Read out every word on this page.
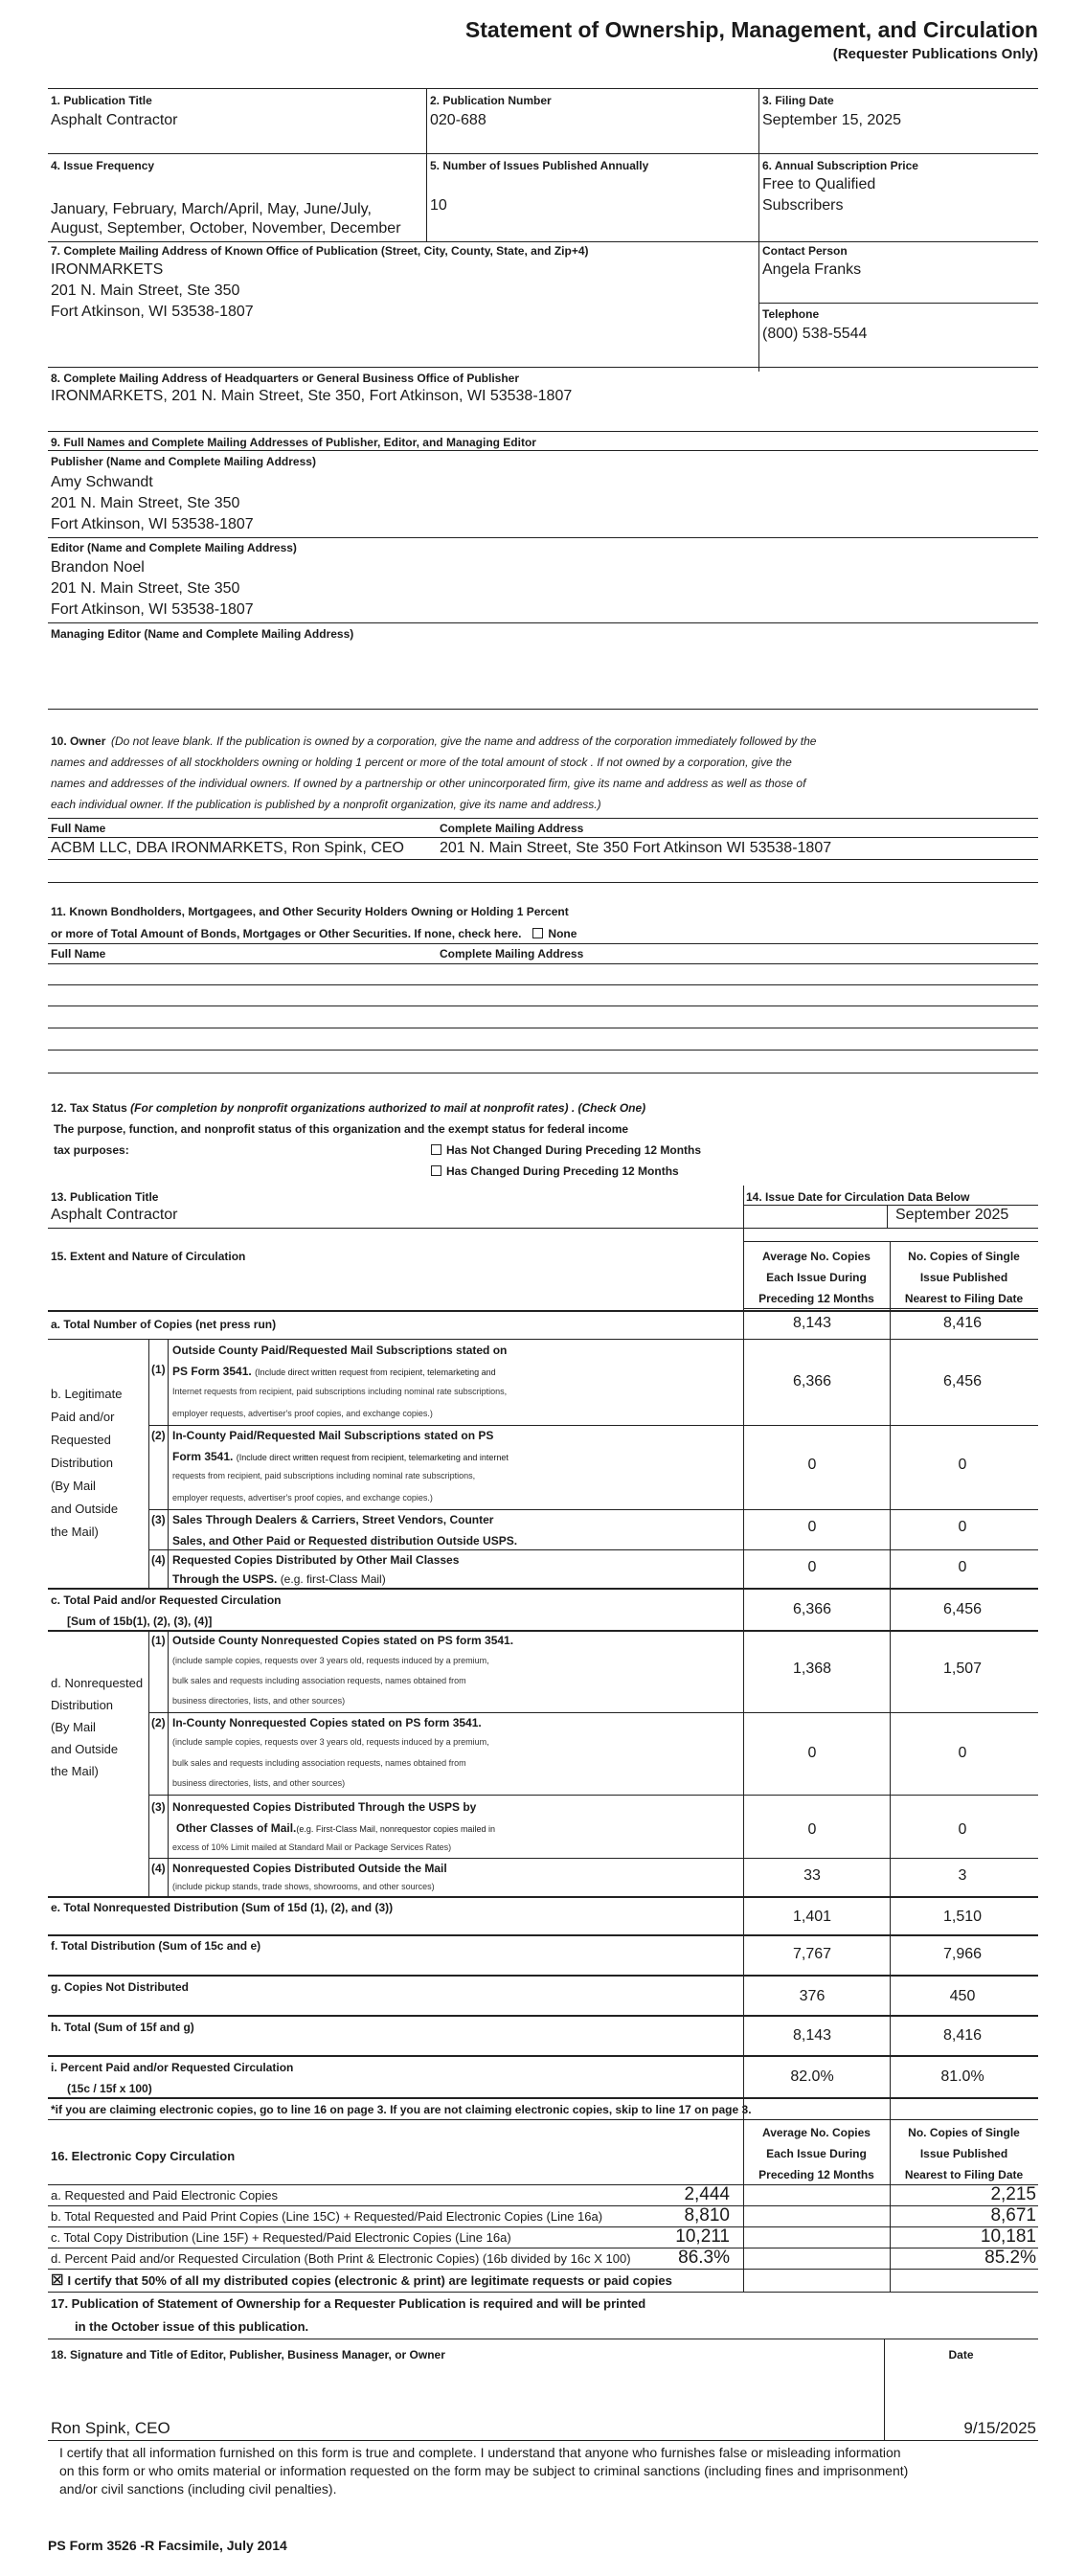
Statement of Ownership, Management, and Circulation
(Requester Publications Only)
1. Publication Title
Asphalt Contractor
2. Publication Number
020-688
3. Filing Date
September 15, 2025
4. Issue Frequency
January, February, March/April, May, June/July,
August, September, October, November, December
5. Number of Issues Published Annually
10
6. Annual Subscription Price
Free to Qualified
Subscribers
7. Complete Mailing Address of Known Office of Publication (Street, City, County, State, and Zip+4)
IRONMARKETS
201 N. Main Street, Ste 350
Fort Atkinson, WI 53538-1807
Contact Person
Angela Franks
Telephone
(800) 538-5544
8. Complete Mailing Address of Headquarters or General Business Office of Publisher
IRONMARKETS, 201 N. Main Street, Ste 350, Fort Atkinson, WI 53538-1807
9. Full Names and Complete Mailing Addresses of Publisher, Editor, and Managing Editor
Publisher (Name and Complete Mailing Address)
Amy Schwandt
201 N. Main Street, Ste 350
Fort Atkinson, WI 53538-1807
Editor (Name and Complete Mailing Address)
Brandon Noel
201 N. Main Street, Ste 350
Fort Atkinson, WI 53538-1807
Managing Editor (Name and Complete Mailing Address)
10. Owner (Do not leave blank. If the publication is owned by a corporation, give the name and address of the corporation immediately followed by the
names and addresses of all stockholders owning or holding 1 percent or more of the total amount of stock . If not owned by a corporation, give the
names and addresses of the individual owners. If owned by a partnership or other unincorporated firm, give its name and address as well as those of
each individual owner. If the publication is published by a nonprofit organization, give its name and address.)
Full Name	Complete Mailing Address
ACBM LLC, DBA IRONMARKETS, Ron Spink, CEO 201 N. Main Street, Ste 350 Fort Atkinson WI 53538-1807
11. Known Bondholders, Mortgagees, and Other Security Holders Owning or Holding 1 Percent
or more of Total Amount of Bonds, Mortgages or Other Securities. If none, check here. None
Full Name	Complete Mailing Address
12. Tax Status (For completion by nonprofit organizations authorized to mail at nonprofit rates) . (Check One)
The purpose, function, and nonprofit status of this organization and the exempt status for federal income
tax purposes:	Has Not Changed During Preceding 12 Months
Has Changed During Preceding 12 Months
13. Publication Title
Asphalt Contractor
14. Issue Date for Circulation Data Below
September 2025
15. Extent and Nature of Circulation	Average No. Copies
Each Issue During
Preceding 12 Months
No. Copies of Single
Issue Published
Nearest to Filing Date
a. Total Number of Copies (net press run)	8,143	8,416
b. Legitimate
Paid and/or
Requested
Distribution
(By Mail
and Outside
the Mail)
(1)
Outside County Paid/Requested Mail Subscriptions stated on
PS Form 3541. (Include direct written request from recipient, telemarketing and
Internet requests from recipient, paid subscriptions including nominal rate subscriptions,
employer requests, advertiser's proof copies, and exchange copies.)
6,366	6,456
(2) In-County Paid/Requested Mail Subscriptions stated on PS
Form 3541. (Include direct written request from recipient, telemarketing and internet
requests from recipient, paid subscriptions including nominal rate subscriptions,
employer requests, advertiser's proof copies, and exchange copies.)
0	0
(3) Sales Through Dealers & Carriers, Street Vendors, Counter
Sales, and Other Paid or Requested distribution Outside USPS.
0	0
(4) Requested Copies Distributed by Other Mail Classes
Through the USPS. (e.g. first-Class Mail)
0	0
c. Total Paid and/or Requested Circulation
[Sum of 15b(1), (2), (3), (4)]
6,366	6,456
d. Nonrequested
Distribution
(By Mail
and Outside
the Mail)
(1) Outside County Nonrequested Copies stated on PS form 3541.
(include sample copies, requests over 3 years old, requests induced by a premium,
bulk sales and requests including association requests, names obtained from
business directories, lists, and other sources)
1,368	1,507
(2) In-County Nonrequested Copies stated on PS form 3541.
(include sample copies, requests over 3 years old, requests induced by a premium,
bulk sales and requests including association requests, names obtained from
business directories, lists, and other sources)
0	0
(3) Nonrequested Copies Distributed Through the USPS by
Other Classes of Mail.(e.g. First-Class Mail, nonrequestor copies mailed in
excess of 10% Limit mailed at Standard Mail or Package Services Rates)
0	0
(4) Nonrequested Copies Distributed Outside the Mail
(include pickup stands, trade shows, showrooms, and other sources)
33	3
e. Total Nonrequested Distribution (Sum of 15d (1), (2), and (3))
1,401	1,510
f. Total Distribution (Sum of 15c and e)	7,767	7,966
g. Copies Not Distributed
376	450
h. Total (Sum of 15f and g)	8,143	8,416
i. Percent Paid and/or Requested Circulation
(15c / 15f x 100)
82.0%	81.0%
*if you are claiming electronic copies, go to line 16 on page 3. If you are not claiming electronic copies, skip to line 17 on page 3.
16. Electronic Copy Circulation
Average No. Copies
Each Issue During
Preceding 12 Months
No. Copies of Single
Issue Published
Nearest to Filing Date
a. Requested and Paid Electronic Copies	2,444	2,215
b. Total Requested and Paid Print Copies (Line 15C) + Requested/Paid Electronic Copies (Line 16a)	8,810	8,671
c. Total Copy Distribution (Line 15F) + Requested/Paid Electronic Copies (Line 16a)	10,211	10,181
d. Percent Paid and/or Requested Circulation (Both Print & Electronic Copies) (16b divided by 16c X 100)	86.3%	85.2%
☒ I certify that 50% of all my distributed copies (electronic & print) are legitimate requests or paid copies
17. Publication of Statement of Ownership for a Requester Publication is required and will be printed
in the October issue of this publication.
18. Signature and Title of Editor, Publisher, Business Manager, or Owner	Date
Ron Spink, CEO	9/15/2025
I certify that all information furnished on this form is true and complete. I understand that anyone who furnishes false or misleading information
on this form or who omits material or information requested on the form may be subject to criminal sanctions (including fines and imprisonment)
and/or civil sanctions (including civil penalties).
PS Form 3526 -R Facsimile, July 2014
